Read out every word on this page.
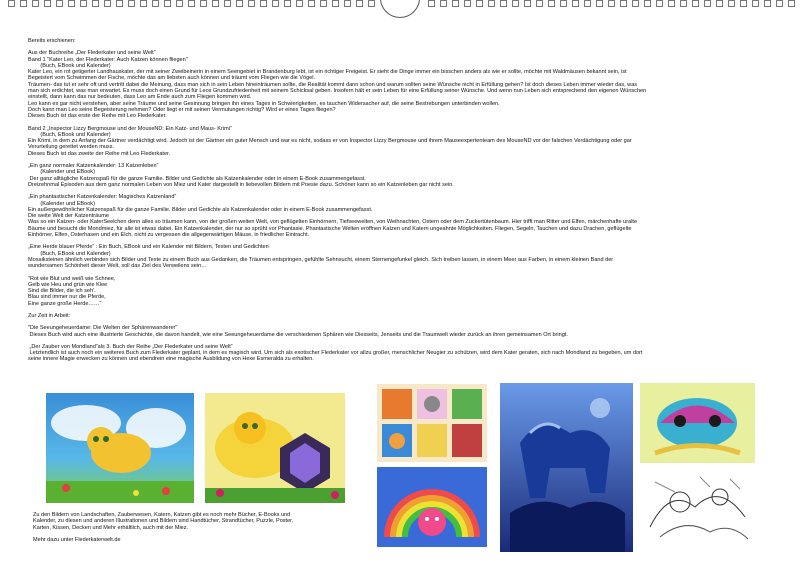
Bereits erschienen:

Aus der Buchreihe „Der Flederkater und seine Welt“

Band 1 "Kater Leo, der Flederkater: Auch Katzen können fliegen"

(Buch, EBook und Kalender)

Kater Leo, ein rot getigerter Landhauskater, der mit seiner Zweibeinerin in einem Seengebiet in Brandenburg lebt, ist ein richtiger Freigeist. Er sieht die Dinge immer ein bisschen anders als wie er sollte, möchte mit Waldmäusen bekannt sein, ist

Begeistert vom Schwimmen der Fische, möchte das am liebsten auch können und träumt vom Fliegen wie die Vögel.

Träumen- das tut er sehr oft und vertritt dabei die Meinung, dass man sich in sein Leben hineinträumen sollte, die Realität kommt dann schon und warum sollten seine Wünsche nicht in Erfüllung gehen? Ist doch dieses Leben immer wieder das, was

man sich erdichtet, was man erwartet. Es muss doch einen Grund für Leos Grundzufriedenheit mit seinem Schicksal geben. Insofern hält er sein Leben für eine Erfüllung seiner Wünsche. Und wenn nun Leben sich entsprechend den eigenen Wünschen

einstellt, dann kann das nur bedeuten, dass Leo am Ende auch zum Fliegen kommen wird.

Leo kann es gar nicht verstehen, aber seine Träume und seine Gesinnung bringen ihn eines Tages in Schwierigkeiten, es tauchen Widersacher auf, die seine Bestrebungen unterbinden wollen.

Doch kann man Leo seine Begeisterung nehmen? Oder liegt er mit seinen Vermutungen richtig? Wird er eines Tages fliegen?

Dieses Buch ist das erste der Reihe mit Leo Flederkater.

Band 2 „Inspector Lizzy Bergmouse und der MouseND: Ein Katz- und Maus- Krimi“

(Buch, EBook und Kalender)

Ein Krimi, in dem zu Anfang der Gärtner verdächtigt wird. Jedoch ist der Gärtner ein guter Mensch und war es nicht, sodass er von Inspector Lizzy Bergmouse und ihrem Mauseexpertenteam des MouseND vor der falschen Verdächtigung oder gar

Verurteilung gerettet werden muss.

Dieses Buch ist das zweite der Reihe mit Leo Flederkater.

„Ein ganz normaler Katzenkalender: 13 Katzenleben“

(Kalender und EBook)

Der ganz alltägliche Katzenspaß für die ganze Familie. Bilder und Gedichte als Katzenkalender oder in einem E-Book zusammengefasst.

Dreizehnmal Episoden aus dem ganz normalen Leben von Miez und Kater dargestellt in liebevollen Bildern mit Poesie dazu. Schöner kann so ein Katzenleben gar nicht sein.

„Ein phantastischer Katzenkalender: Magisches Katzenland“

(Kalender und EBook)

Ein außergewöhnlicher Katzenspaß für die ganze Familie. Bilder und Gedichte als Katzenkalender oder in einem E-Book zusammengefasst.

Die weite Welt der Katzenträume

Was so ein Katzen- oder KaterSeelchen denn alles so träumen kann, von der großen weiten Welt, von geflügelten Einhörnern, Tiefseewelten, von Weihnachten, Ostern oder dem Zuckertütenbaum. Hier trifft man Ritter und Elfen, märchenhafte uralte

Bäume und besucht die Mondmiez, für alle ist etwas dabei. Ein Katzenkalender, der nur so sprüht vor Phantasie. Phantastische Welten eröffnen Katzen und Katern ungeahnte Möglichkeiten. Fliegen, Segeln, Tauchen und dazu Drachen, geflügelte

Einhörner, Elfen, Osterhasen und ein Elch, nicht zu vergessen die allgegenwärtigen Mäuse, in friedlicher Eintracht.

„Eine Herde blauer Pferde“ : Ein Buch, EBook und ein Kalender mit Bildern, Texten und Gedichten

(Buch, EBook und Kalender)

Mosaiksteinen ähnlich verbinden sich Bilder und Texte zu einem Buch aus Gedanken, die Träumen entspringen, gefühlte Sehnsucht, einem Sternengefunkel gleich. Sich treiben lassen, in einem Meer aus Farben, in einem kleinen Band der

wundersamen Schönheit dieser Welt, soll das Ziel des Verweilens sein…

"Rot wie Blut und weiß wie Schnee,

Gelb wie Heu und grün wie Klee

Sind die Bilder, die ich seh'.

Blau sind immer nur die Pferde,

Eine ganze große Herde……"

Zur Zeit in Arbeit:

"Die Seeungeheuerdame: Die Welten der Sphärenwanderer"

Dieses Buch wird auch eine illustrierte Geschichte, die davon handelt, wie eine Seeungeheuerdame die verschiedenen Sphären wie Diesseits, Jenseits und die Traumwelt wieder zurück an ihren gemeinsamen Ort bringt.

„Der Zauber von Mondland“als 3. Buch der Reihe „Der Flederkater und seine Welt“

Letztendlich ist auch noch ein weiteres Buch zum Flederkater geplant, in dem es magisch wird. Um sich als exotischer Flederkater vor allzu großer, menschlicher Neugier zu schützen, wird dem Kater geraten, sich nach Mondland zu begeben, um dort

seine innere Magie erwecken zu können und ebendrein eine magische Ausbildung von Hexe Esmeralda zu erhalten.

Zu den Bildern von Landschaften, Zauberwesen, Katern, Katzen gibt es noch mehr Bücher, E-Books und

Kalender, zu diesen und anderen Illustrationen und Bildern sind Handtücher, Strandtücher, Puzzle, Poster,

Karten, Kissen, Decken und Mehr erhältlich, auch mit der Miez.

Mehr dazu unter Flederkaterwelt.de
